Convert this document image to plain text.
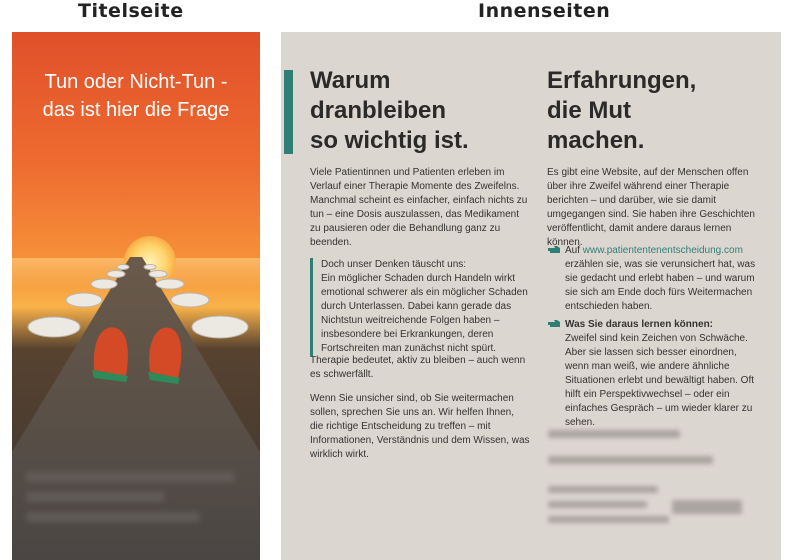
Titelseite	Innenseiten
Tun oder Nicht-Tun -
das ist hier die Frage
Warum
dranbleiben
so wichtig ist.
Viele Patientinnen und Patienten erleben im Verlauf einer Therapie Momente des Zweifelns. Manchmal scheint es einfacher, einfach nichts zu tun – eine Dosis auszulassen, das Medikament zu pausieren oder die Behandlung ganz zu beenden.
Doch unser Denken täuscht uns:
Ein möglicher Schaden durch Handeln wirkt emotional schwerer als ein möglicher Schaden durch Unterlassen. Dabei kann gerade das Nichtstun weitreichende Folgen haben – insbesondere bei Erkrankungen, deren Fortschreiten man zunächst nicht spürt.
Therapie bedeutet, aktiv zu bleiben – auch wenn es schwerfällt.
Wenn Sie unsicher sind, ob Sie weitermachen sollen, sprechen Sie uns an. Wir helfen Ihnen, die richtige Entscheidung zu treffen – mit Informationen, Verständnis und dem Wissen, was wirklich wirkt.
Erfahrungen,
die Mut
machen.
Es gibt eine Website, auf der Menschen offen über ihre Zweifel während einer Therapie berichten – und darüber, wie sie damit umgegangen sind. Sie haben ihre Geschichten veröffentlicht, damit andere daraus lernen können.
Auf www.patiententenentscheidung.com erzählen sie, was sie verunsichert hat, was sie gedacht und erlebt haben – und warum sie sich am Ende doch fürs Weitermachen entschieden haben.
Was Sie daraus lernen können:
Zweifel sind kein Zeichen von Schwäche. Aber sie lassen sich besser einordnen, wenn man weiß, wie andere ähnliche Situationen erlebt und bewältigt haben. Oft hilft ein Perspektivwechsel – oder ein einfaches Gespräch – um wieder klarer zu sehen.
